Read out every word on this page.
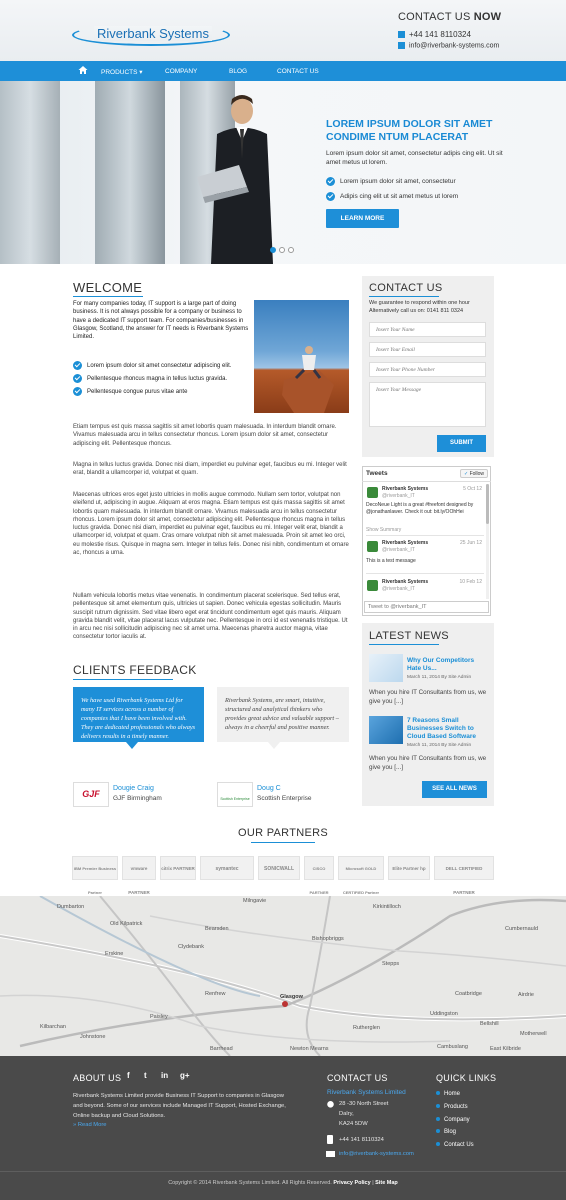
Riverbank Systems
CONTACT US NOW
+44 141 8110324
info@riverbank-systems.com
PRODUCTS ▾	COMPANY	BLOG	CONTACT US
LOREM IPSUM DOLOR SIT AMET CONDIME NTUM PLACERAT
Lorem ipsum dolor sit amet, consectetur adipis cing elit. Ut sit amet metus ut lorem.
Lorem ipsum dolor sit amet, consectetur
Adipis cing elit ut sit amet metus ut lorem
LEARN MORE
WELCOME
For many companies today, IT support is a large part of doing business. It is not always possible for a company or business to have a dedicated IT support team. For companies/businesses in Glasgow, Scotland, the answer for IT needs is Riverbank Systems Limited.
Lorem ipsum dolor sit amet consectetur adipiscing elit.
Pellentesque rhoncus magna in tellus luctus gravida.
Pellentesque congue purus vitae ante
Etiam tempus est quis massa sagittis sit amet lobortis quam malesuada. In interdum blandit ornare. Vivamus malesuada arcu in tellus consectetur rhoncus. Lorem ipsum dolor sit amet, consectetur adipiscing elit. Pellentesque rhoncus.
Magna in tellus luctus gravida. Donec nisi diam, imperdiet eu pulvinar eget, faucibus eu mi. Integer velit erat, blandit a ullamcorper id, volutpat et quam.
Maecenas ultrices eros eget justo ultricies in mollis augue commodo. Nullam sem tortor, volutpat non eleifend ut, adipiscing in augue. Aliquam at eros magna. Etiam tempus est quis massa sagittis sit amet lobortis quam malesuada. In interdum blandit ornare. Vivamus malesuada arcu in tellus consectetur rhoncus. Lorem ipsum dolor sit amet, consectetur adipiscing elit. Pellentesque rhoncus magna in tellus luctus gravida. Donec nisi diam, imperdiet eu pulvinar eget, faucibus eu mi. Integer velit erat, blandit a ullamcorper id, volutpat et quam. Cras ornare volutpat nibh sit amet malesuada. Proin sit amet leo orci, eu molestie risus. Quisque in magna sem. Integer in tellus felis. Donec nisi nibh, condimentum et ornare ac, rhoncus a urna.
Nullam vehicula lobortis metus vitae venenatis. In condimentum placerat scelerisque. Sed tellus erat, pellentesque sit amet elementum quis, ultricies ut sapien. Donec vehicula egestas sollicitudin. Mauris suscipit rutrum dignissim. Sed vitae libero eget erat tincidunt condimentum eget quis mauris. Aliquam gravida blandit velit, vitae placerat lacus vulputate nec. Pellentesque in orci id est venenatis tristique. Ut in arcu nec nisi sollicitudin adipiscing nec sit amet urna. Maecenas pharetra auctor magna, vitae consectetur tortor iaculis at.
CLIENTS FEEDBACK
We have used Riverbank Systems Ltd for many IT services across a number of companies that I have been involved with. They are dedicated professionals who always delivers results in a timely manner.
Riverbank Systems, are smart, intuitive, structured and analytical thinkers who provides great advice and valuable support – always in a cheerful and positive manner.
GJF
Dougie Craig
GJF Birmingham	Scottish Enterprise
Doug C
Scottish Enterprise
CONTACT US
We guarantee to respond within one hour Alternatively call us on: 0141 811 0324
Insert Your Name
Insert Your Email
Insert Your Phone Number
Insert Your Message
SUBMIT
Tweets	✓ Follow
Riverbank Systems	5 Oct 12

@riverbank_IT
DecoNeue Light is a great #freefont designed by @jonathanlawer. Check it out: bit.ly/OOhHei
Show Summary
Riverbank Systems	25 Jun 12

@riverbank_IT
This is a test message
Riverbank Systems	10 Feb 12

@riverbank_IT
Tweet to @riverbank_IT
LATEST NEWS
Why Our Competitors Hate Us...
March 11, 2014 By Site Admin
When you hire IT Consultants from us, we give you [...]
7 Reasons Small Businesses Switch to Cloud Based Software
March 11, 2014 By Site Admin
When you hire IT Consultants from us, we give you [...]
SEE ALL NEWS
OUR PARTNERS
IBM Premier Business Partner
vmware PARTNER
citrix PARTNER	symantec	SONICWALL	CISCO PARTNER
Microsoft GOLD CERTIFIED Partner
Elite Partner hp	DELL CERTIFIED PARTNER
Dumbarton
Milngavie
Kirkintilloch
Bearsden
Bishopbriggs
Clydebank
Stepps
Renfrew	Glasgow
Paisley
Rutherglen
Cambuslang
Barrhead	Newton Mearns	East Kilbride
Coatbridge	Airdrie
Bellshill
Motherwell
Uddingston
Kilbarchan
Johnstone
Erskine
Old Kilpatrick
Cumbernauld
ABOUT US f t in g+
Riverbank Systems Limited provide Business IT Support to companies in Glasgow and beyond. Some of our services include Managed IT Support, Hosted Exchange, Online backup and Cloud Solutions.
» Read More
CONTACT US
Riverbank Systems Limited
28 -30 North Street
Dalry,
KA24 5DW
+44 141 8110324
info@riverbank-systems.com
QUICK LINKS
Home
Products
Company
Blog
Contact Us
Copyright © 2014 Riverbank Systems Limited. All Rights Reserved. Privacy Policy | Site Map
